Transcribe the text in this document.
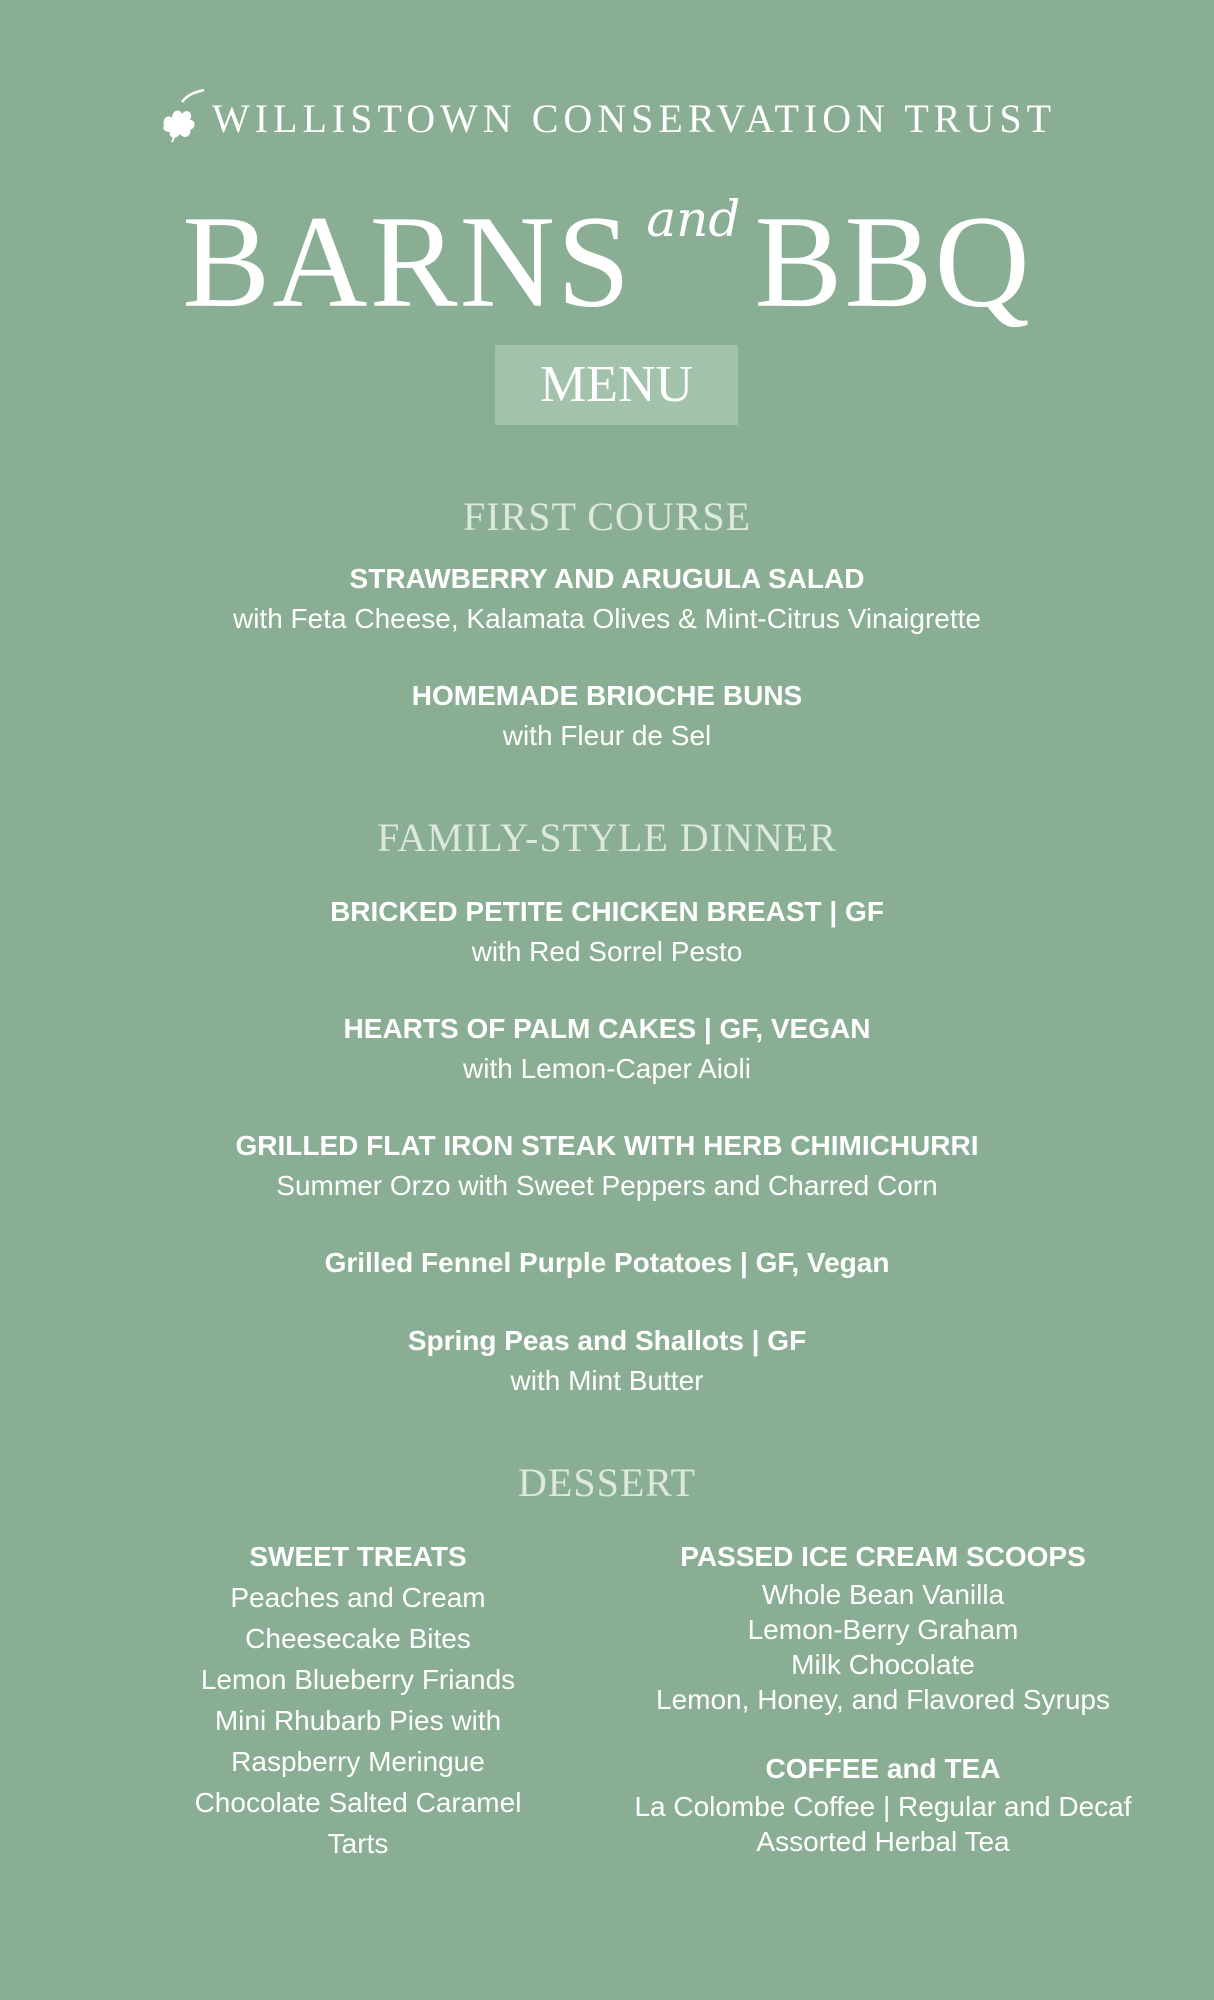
WILLISTOWN CONSERVATION TRUST
BARNS and BBQ
MENU
FIRST COURSE
STRAWBERRY AND ARUGULA SALAD
with Feta Cheese, Kalamata Olives & Mint-Citrus Vinaigrette
HOMEMADE BRIOCHE BUNS
with Fleur de Sel
FAMILY-STYLE DINNER
BRICKED PETITE CHICKEN BREAST | GF
with Red Sorrel Pesto
HEARTS OF PALM CAKES | GF, VEGAN
with Lemon-Caper Aioli
GRILLED FLAT IRON STEAK WITH HERB CHIMICHURRI
Summer Orzo with Sweet Peppers and Charred Corn
Grilled Fennel Purple Potatoes | GF, Vegan
Spring Peas and Shallots | GF
with Mint Butter
DESSERT
SWEET TREATS
Peaches and Cream
Cheesecake Bites
Lemon Blueberry Friands
Mini Rhubarb Pies with
Raspberry Meringue
Chocolate Salted Caramel
Tarts
PASSED ICE CREAM SCOOPS
Whole Bean Vanilla
Lemon-Berry Graham
Milk Chocolate
Lemon, Honey, and Flavored Syrups
COFFEE and TEA
La Colombe Coffee | Regular and Decaf
Assorted Herbal Tea
